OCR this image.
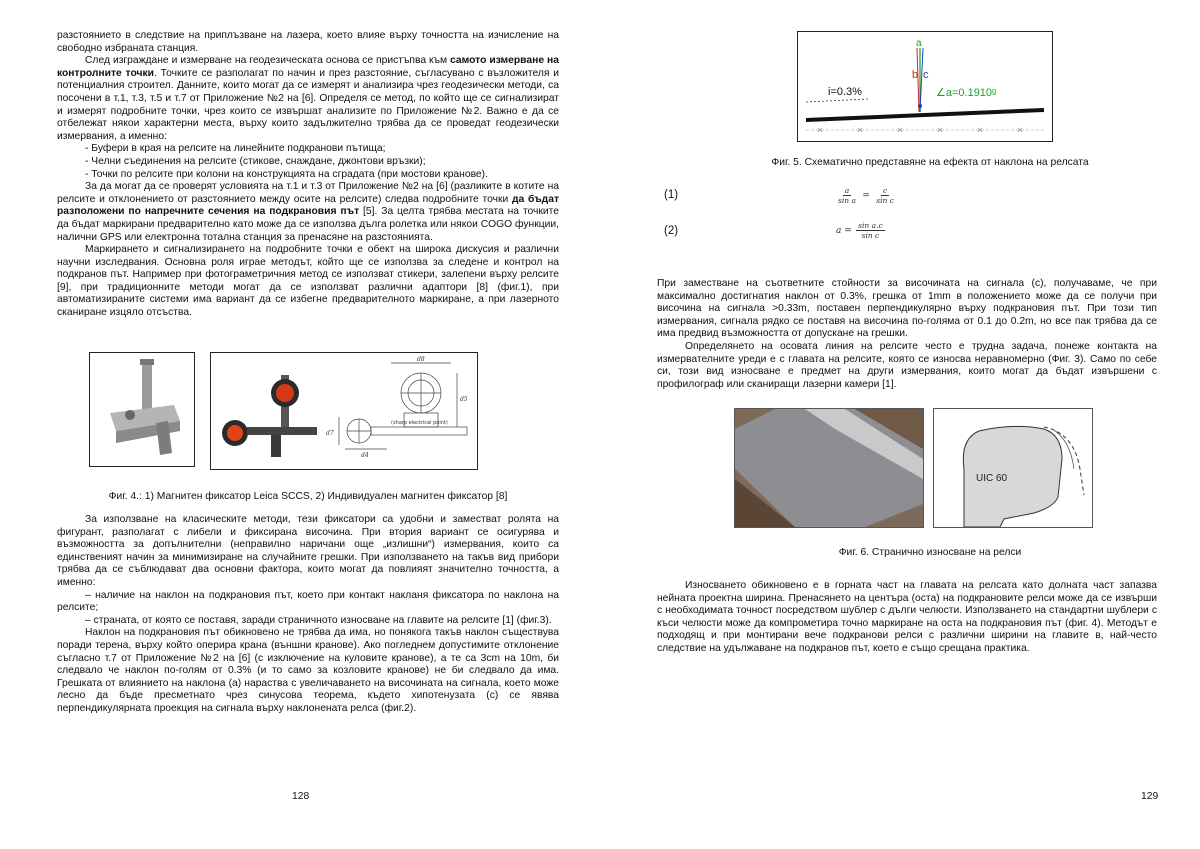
разстоянието в следствие на приплъзване на лазера, което влияе върху точността на изчисление на свободно избраната станция.

След изграждане и измерване на геодезическата основа се пристъпва към самото измерване на контролните точки. Точките се разполагат по начин и през разстояние, съгласувано с възложителя и потенциалния строител. Данните, които могат да се измерят и анализира чрез геодезически методи, са посочени в т.1, т.3, т.5 и т.7 от Приложение №2 на [6]. Определя се метод, по който ще се сигнализират и измерят подробните точки, чрез които се извършат анализите по Приложение №2. Важно е да се отбележат някои характерни места, върху които задължително трябва да се проведат геодезически измервания, а именно:

- Буфери в края на релсите на линейните подкранови пътища;
- Челни съединения на релсите (стикове, снаждане, джонтови връзки);
- Точки по релсите при колони на конструкцията на сградата (при мостови кранове).

За да могат да се проверят условията на т.1 и т.3 от Приложение №2 на [6] (разликите в котите на релсите и отклонението от разстоянието между осите на релсите) следва подробните точки да бъдат разположени по напречните сечения на подкрановия път [5]. За целта трябва местата на точките да бъдат маркирани предварително като може да се използва дълга ролетка или някои COGO функции, налични GPS или електронна тотална станция за пренасяне на разстоянията.

Маркирането и сигнализирането на подробните точки е обект на широка дискусия и различни научни изследвания. Основна роля играе методът, който ще се използва за следене и контрол на подкранов път. Например при фотограметричния метод се използват стикери, залепени върху релсите [9], при традиционните методи могат да се използват различни адаптори [8] (фиг.1), при автоматизираните системи има вариант да се избегне предварителното маркиране, а при лазерното сканиране изцяло отсъства.

d8
d5
d7
d4
(sharp electrical point)
Фиг. 4.: 1) Магнитен фиксатор Leica SCCS, 2) Индивидуален магнитен фиксатор [8]

За използване на класическите методи, тези фиксатори са удобни и заместват ролята на фигурант, разполагат с либели и фиксирана височина. При втория вариант се осигурява и възможността за допълнителни (неправилно наричани още „излишни“) измервания, които са единственият начин за минимизиране на случайните грешки. При използването на такъв вид прибори трябва да се съблюдават два основни фактора, които могат да повлияят значително точността, а именно:

– наличие на наклон на подкрановия път, което при контакт накланя фиксатора по наклона на релсите;

– страната, от която се поставя, заради страничното износване на главите на релсите [1] (фиг.3).

Наклон на подкрановия път обикновено не трябва да има, но понякога такъв наклон съществува поради терена, върху който оперира крана (външни кранове). Ако погледнем допустимите отклонение съгласно т.7 от Приложение №2 на [6] (с изключение на куловите кранове), а те са 3cm на 10m, би следвало че наклон по-голям от 0.3% (и то само за козловите кранове) не би следвало да има. Грешката от влиянието на наклона (а) нараства с увеличаването на височината на сигнала, което може лесно да бъде пресметнато чрез синусова теорема, където хипотенузата (с) се явява перпендикулярната проекция на сигнала върху наклонената релса (фиг.2).

128
a
b c
i=0.3%	∠a=0.1910ᵍ
Фиг. 5. Схематично представяне на ефекта от наклона на релсата
(1)	$\frac{a}{\text{sin a}} = \frac{c}{\text{sin c}}$
(2)	$a = \frac{\text{sin a.c}}{\text{sin c}}$

При заместване на съответните стойности за височината на сигнала (с), получаваме, че при максимално достигнатия наклон от 0.3%, грешка от 1mm в положението може да се получи при височина на сигнала >0.33m, поставен перпендикулярно върху подкрановия път. При този тип измервания, сигнала рядко се поставя на височина по-голяма от 0.1 до 0.2m, но все пак трябва да се има предвид възможността от допускане на грешки.

Определянето на осовата линия на релсите често е трудна задача, понеже контакта на измервателните уреди е с главата на релсите, която се износва неравномерно (Фиг. 3). Само по себе си, този вид износване е предмет на други измервания, които могат да бъдат извършени с профилограф или сканиращи лазерни камери [1].

UIC 60
Фиг. 6. Странично износване на релси

Износването обикновено е в горната част на главата на релсата като долната част запазва нейната проектна ширина. Пренасянето на центъра (оста) на подкрановите релси може да се извърши с необходимата точност посредством шублер с дълги челюсти. Използването на стандартни шублери с къси челюсти може да компрометира точно маркиране на оста на подкрановия път (фиг. 4). Методът е подходящ и при монтирани вече подкранови релси с различни ширини на главите в, най-често следствие на удължаване на подкранов път, което е също срещана практика.

129
